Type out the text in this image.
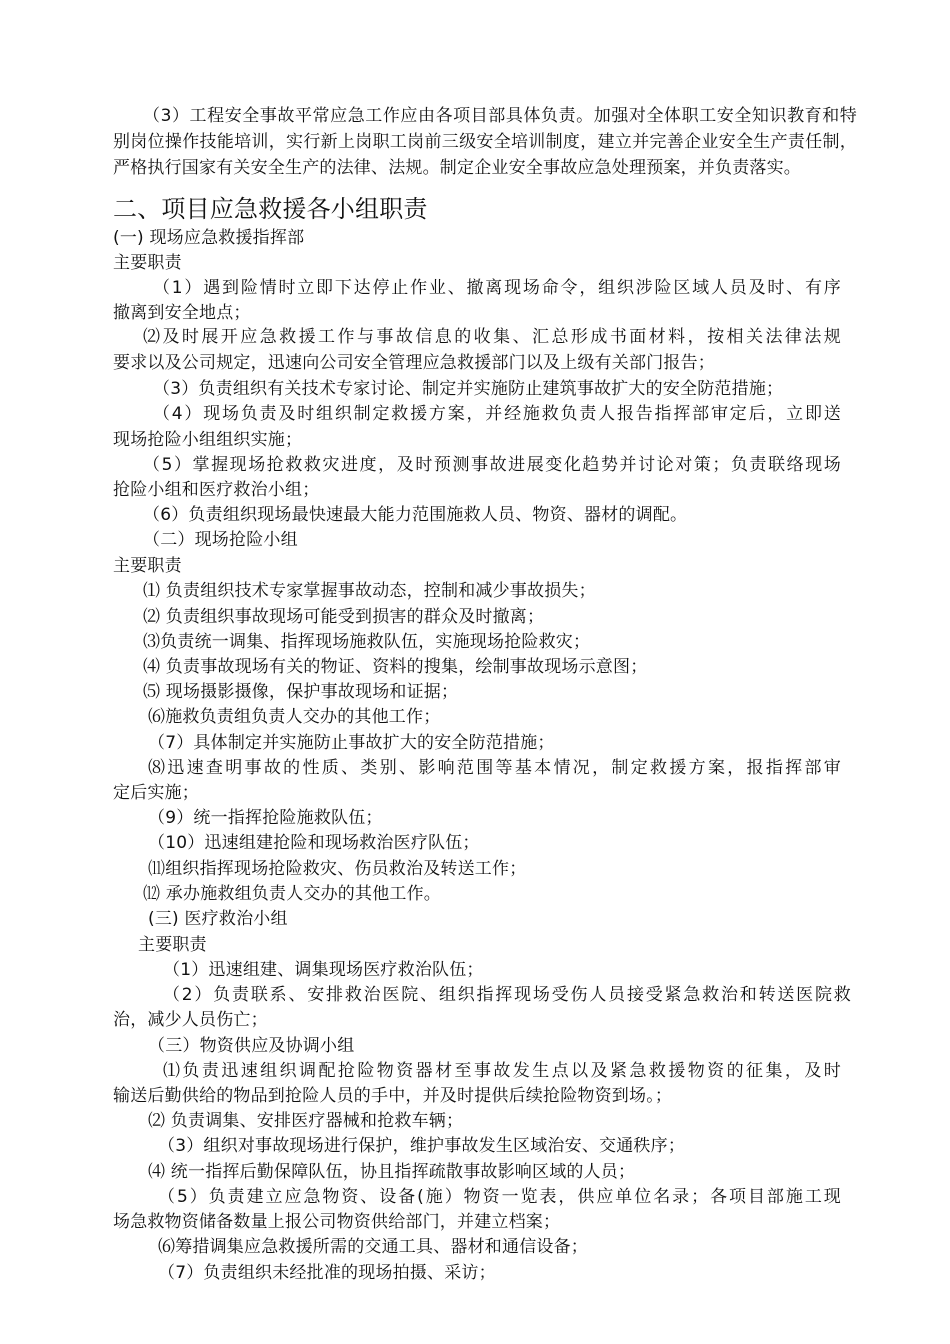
（3）工程安全事故平常应急工作应由各项目部具体负责。加强对全体职工安全知识教育和特
别岗位操作技能培训，实行新上岗职工岗前三级安全培训制度，建立并完善企业安全生产责任制，
严格执行国家有关安全生产的法律、法规。制定企业安全事故应急处理预案，并负责落实。
二、项目应急救援各小组职责
(一) 现场应急救援指挥部
主要职责
（1）遇到险情时立即下达停止作业、撤离现场命令，组织涉险区域人员及时、有序
撤离到安全地点；
⑵及时展开应急救援工作与事故信息的收集、汇总形成书面材料，按相关法律法规
要求以及公司规定，迅速向公司安全管理应急救援部门以及上级有关部门报告；
（3）负责组织有关技术专家讨论、制定并实施防止建筑事故扩大的安全防范措施；
（4）现场负责及时组织制定救援方案，并经施救负责人报告指挥部审定后，立即送
现场抢险小组组织实施；
（5）掌握现场抢救救灾进度，及时预测事故进展变化趋势并讨论对策；负责联络现场
抢险小组和医疗救治小组；
（6）负责组织现场最快速最大能力范围施救人员、物资、器材的调配。
（二）现场抢险小组
主要职责
⑴ 负责组织技术专家掌握事故动态，控制和减少事故损失；
⑵ 负责组织事故现场可能受到损害的群众及时撤离；
⑶负责统一调集、指挥现场施救队伍，实施现场抢险救灾；
⑷ 负责事故现场有关的物证、资料的搜集，绘制事故现场示意图；
⑸ 现场摄影摄像，保护事故现场和证据；
⑹施救负责组负责人交办的其他工作；
（7）具体制定并实施防止事故扩大的安全防范措施；
⑻迅速查明事故的性质、类别、影响范围等基本情况，制定救援方案，报指挥部审
定后实施；
（9）统一指挥抢险施救队伍；
（10）迅速组建抢险和现场救治医疗队伍；
⑾组织指挥现场抢险救灾、伤员救治及转送工作；
⑿ 承办施救组负责人交办的其他工作。
(三) 医疗救治小组
主要职责
（1）迅速组建、调集现场医疗救治队伍；
（2）负责联系、安排救治医院、组织指挥现场受伤人员接受紧急救治和转送医院救
治，减少人员伤亡；
（三）物资供应及协调小组
⑴负责迅速组织调配抢险物资器材至事故发生点以及紧急救援物资的征集，及时
输送后勤供给的物品到抢险人员的手中，并及时提供后续抢险物资到场。；
⑵ 负责调集、安排医疗器械和抢救车辆；
（3）组织对事故现场进行保护，维护事故发生区域治安、交通秩序；
⑷ 统一指挥后勤保障队伍，协且指挥疏散事故影响区域的人员；
（5）负责建立应急物资、设备(施）物资一览表，供应单位名录；各项目部施工现
场急救物资储备数量上报公司物资供给部门，并建立档案；
⑹筹措调集应急救援所需的交通工具、器材和通信设备；
（7）负责组织未经批准的现场拍摄、采访；
